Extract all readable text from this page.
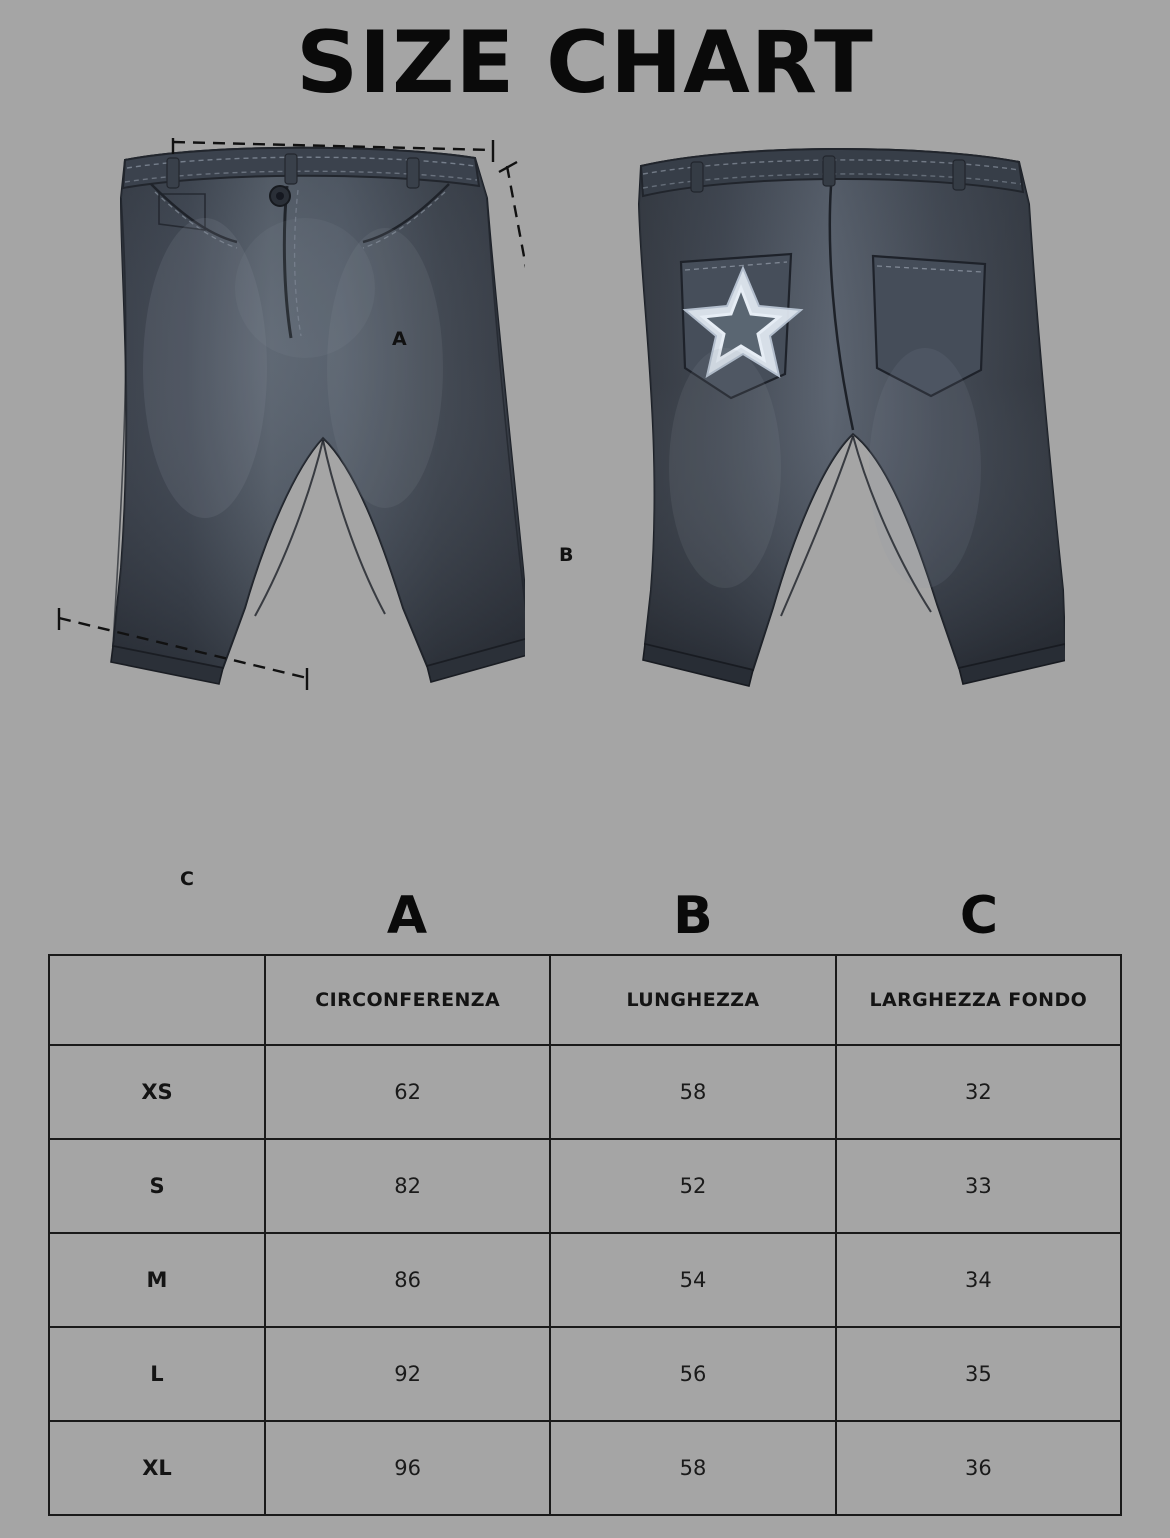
SIZE CHART
A
B
C
A	B	C
	CIRCONFERENZA	LUNGHEZZA	LARGHEZZA FONDO
XS	62	58	32
S	82	52	33
M	86	54	34
L	92	56	35
XL	96	58	36
